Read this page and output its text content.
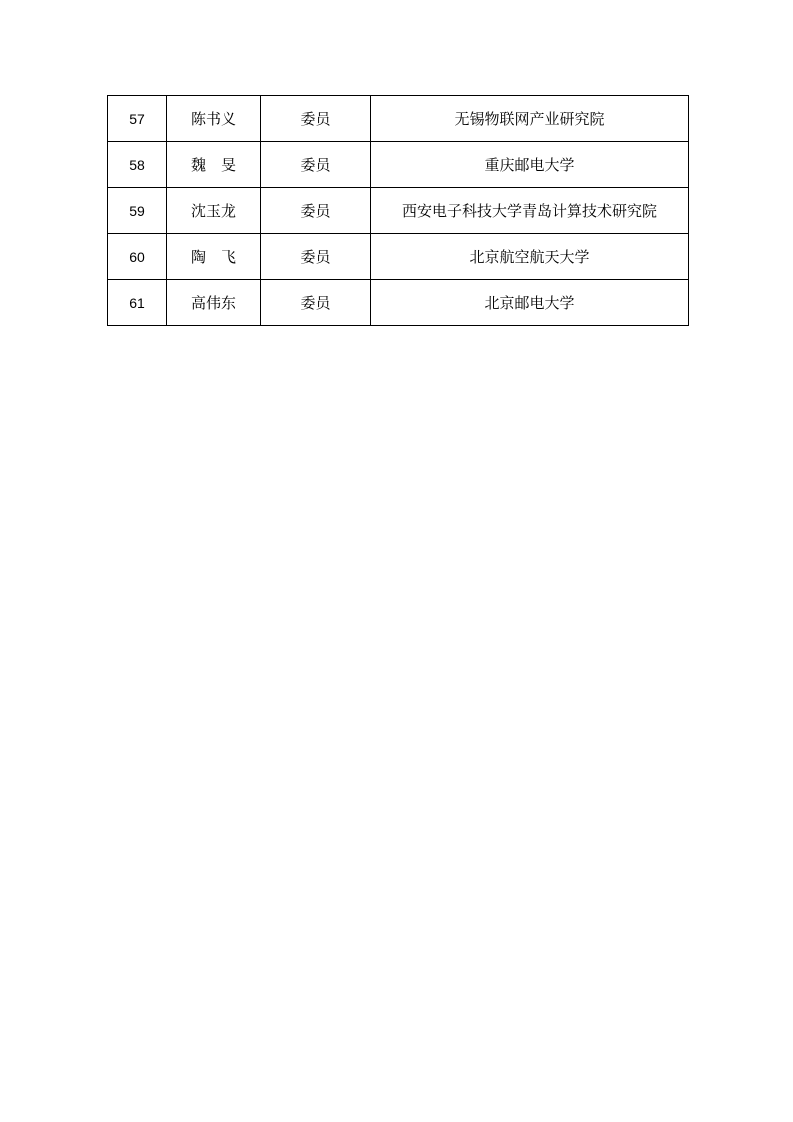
57	陈书义	委员	无锡物联网产业研究院
58	魏　旻	委员	重庆邮电大学
59	沈玉龙	委员	西安电子科技大学青岛计算技术研究院
60	陶　飞	委员	北京航空航天大学
61	高伟东	委员	北京邮电大学
